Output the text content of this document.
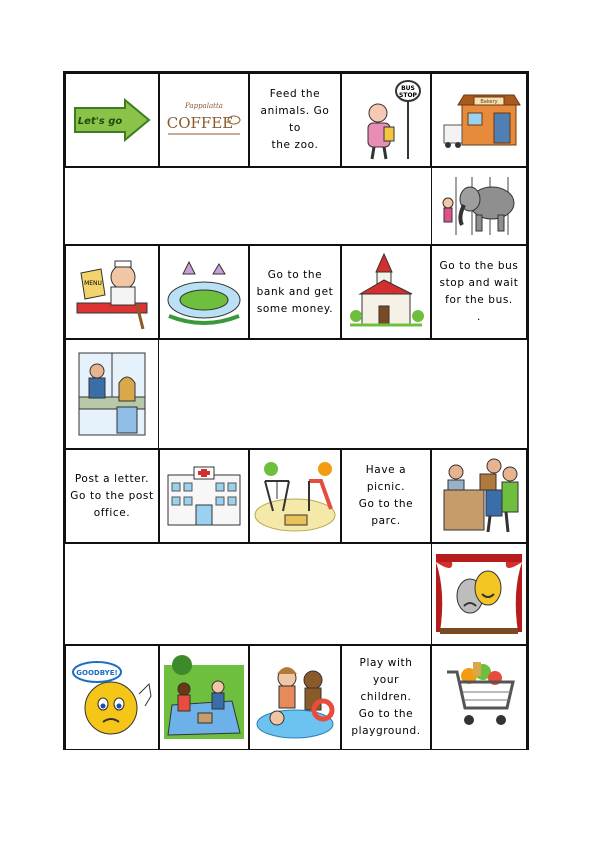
Let's go
Pappalatta
COFFEE
Feed the
animals. Go to
the zoo.
BUS
STOP
Bakery
MENU
Go to the
bank and get
some money.
Go to the bus
stop and wait
for the bus.
.
Post a letter.
Go to the post
office.
Have a
picnic.
Go to the
parc.
GOODBYE!
Play with
your
children.
Go to the
playground.
